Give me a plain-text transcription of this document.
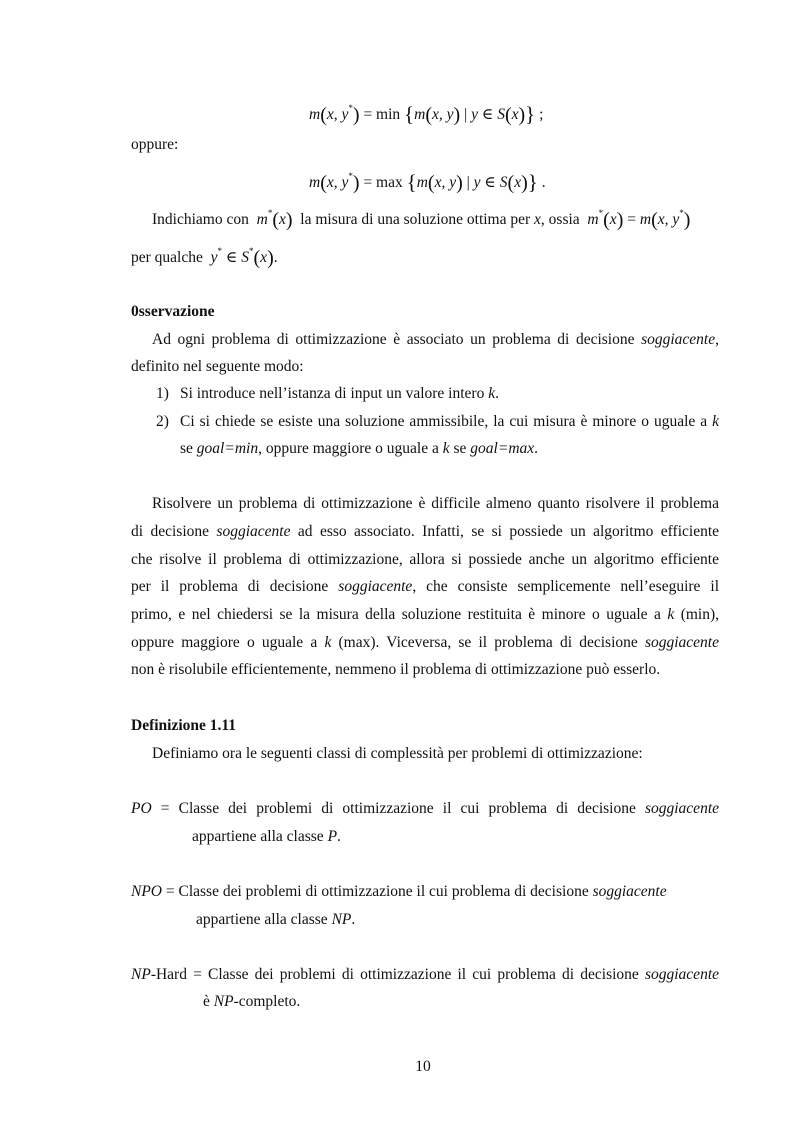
m(x, y*) = min {m(x, y) | y ∈ S(x)} ;
oppure:
m(x, y*) = max {m(x, y) | y ∈ S(x)} .
Indichiamo con m*(x) la misura di una soluzione ottima per x, ossia m*(x) = m(x, y*)
per qualche y* ∈ S*(x).
0sservazione
Ad ogni problema di ottimizzazione è associato un problema di decisione soggiacente,
definito nel seguente modo:
1) Si introduce nell’istanza di input un valore intero k.
2) Ci si chiede se esiste una soluzione ammissibile, la cui misura è minore o uguale a k
se goal=min, oppure maggiore o uguale a k se goal=max.
Risolvere un problema di ottimizzazione è difficile almeno quanto risolvere il problema
di decisione soggiacente ad esso associato. Infatti, se si possiede un algoritmo efficiente
che risolve il problema di ottimizzazione, allora si possiede anche un algoritmo efficiente
per il problema di decisione soggiacente, che consiste semplicemente nell’eseguire il
primo, e nel chiedersi se la misura della soluzione restituita è minore o uguale a k (min),
oppure maggiore o uguale a k (max). Viceversa, se il problema di decisione soggiacente
non è risolubile efficientemente, nemmeno il problema di ottimizzazione può esserlo.
Definizione 1.11
Definiamo ora le seguenti classi di complessità per problemi di ottimizzazione:
PO = Classe dei problemi di ottimizzazione il cui problema di decisione soggiacente
appartiene alla classe P.
NPO = Classe dei problemi di ottimizzazione il cui problema di decisione soggiacente
appartiene alla classe NP.
NP-Hard = Classe dei problemi di ottimizzazione il cui problema di decisione soggiacente
è NP-completo.
10
